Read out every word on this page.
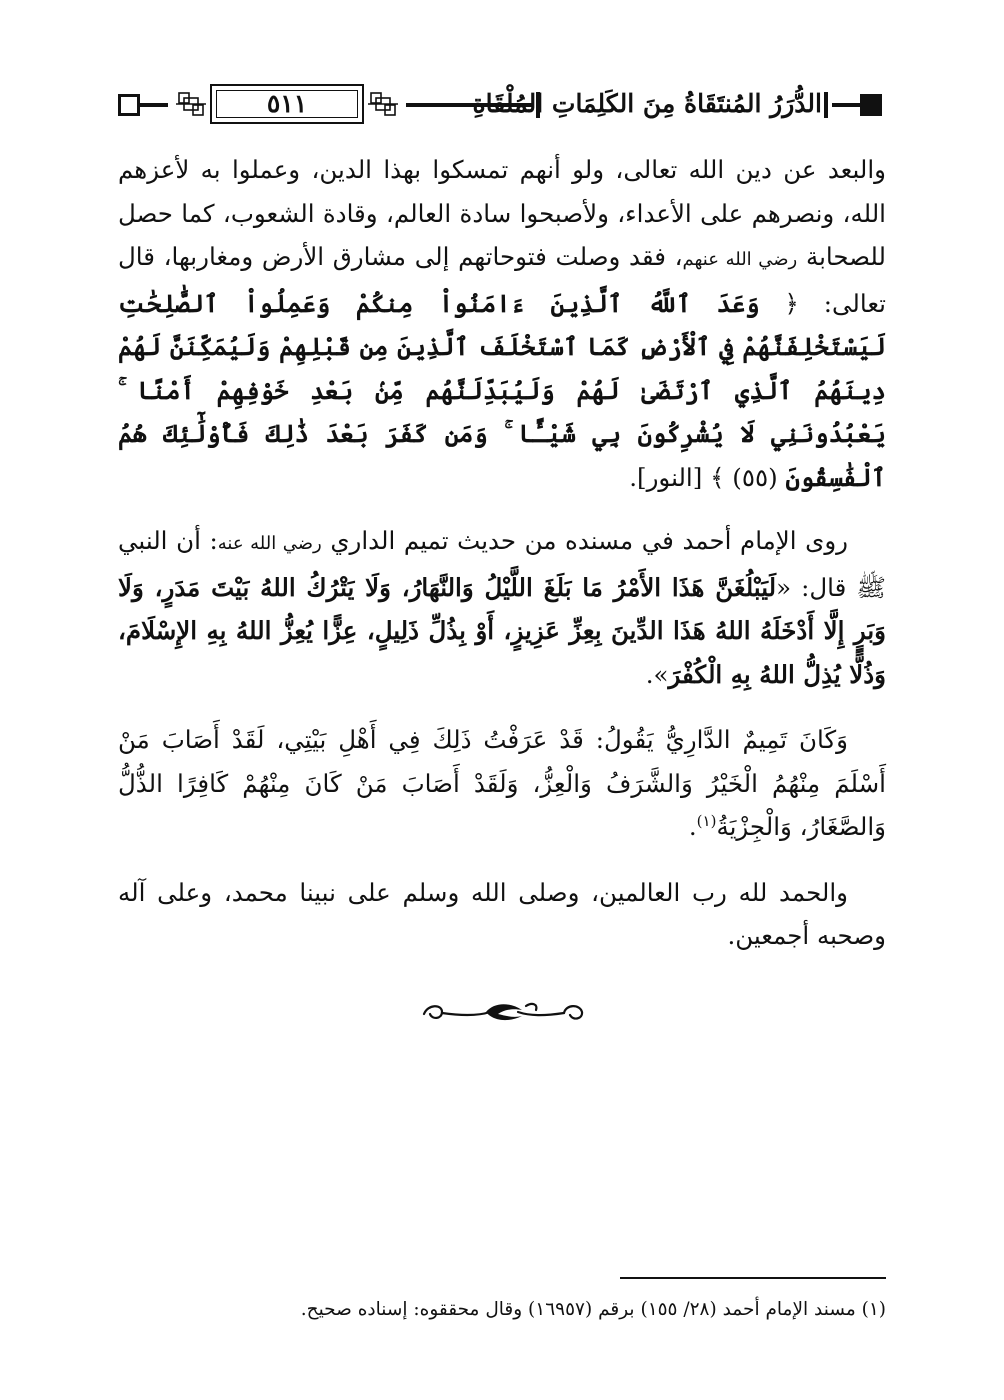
٥١١	الدُّرَرُ المُنتَقَاةُ مِنَ الكَلِمَاتِ المُلْقَاةِ

والبعد عن دين الله تعالى، ولو أنهم تمسكوا بهذا الدين، وعملوا به لأعزهم الله، ونصرهم على الأعداء، ولأصبحوا سادة العالم، وقادة الشعوب، كما حصل للصحابة رضي الله عنهم، فقد وصلت فتوحاتهم إلى مشارق الأرض ومغاربها، قال تعالى: ﴿ وَعَدَ ٱللَّهُ ٱلَّذِينَ ءَامَنُواْ مِنكُمْ وَعَمِلُواْ ٱلصَّٰلِحَٰتِ لَيَسْتَخْلِفَنَّهُمْ فِي ٱلْأَرْضِ كَمَا ٱسْتَخْلَفَ ٱلَّذِينَ مِن قَبْلِهِمْ وَلَيُمَكِّنَنَّ لَهُمْ دِينَهُمُ ٱلَّذِي ٱرْتَضَىٰ لَهُمْ وَلَيُبَدِّلَنَّهُم مِّنۢ بَعْدِ خَوْفِهِمْ أَمْنًا ۚ يَعْبُدُونَنِي لَا يُشْرِكُونَ بِي شَيْـًٔا ۚ وَمَن كَفَرَ بَعْدَ ذَٰلِكَ فَأُوْلَٰٓئِكَ هُمُ ٱلْفَٰسِقُونَ (٥٥) ﴾ [النور].

روى الإمام أحمد في مسنده من حديث تميم الداري رضي الله عنه: أن النبي ﷺ قال: «لَيَبْلُغَنَّ هَذَا الأَمْرُ مَا بَلَغَ اللَّيْلُ وَالنَّهَارُ، وَلَا يَتْرُكُ اللهُ بَيْتَ مَدَرٍ، وَلَا وَبَرٍ إِلَّا أَدْخَلَهُ اللهُ هَذَا الدِّينَ بِعِزِّ عَزِيزٍ، أَوْ بِذُلِّ ذَلِيلٍ، عِزًّا يُعِزُّ اللهُ بِهِ الإِسْلَامَ، وَذُلًّا يُذِلُّ اللهُ بِهِ الْكُفْرَ».

وَكَانَ تَمِيمٌ الدَّارِيُّ يَقُولُ: قَدْ عَرَفْتُ ذَلِكَ فِي أَهْلِ بَيْتِي، لَقَدْ أَصَابَ مَنْ أَسْلَمَ مِنْهُمُ الْخَيْرُ وَالشَّرَفُ وَالْعِزُّ، وَلَقَدْ أَصَابَ مَنْ كَانَ مِنْهُمْ كَافِرًا الذُّلُّ وَالصَّغَارُ، وَالْجِزْيَةُ$^{(١)}$.

والحمد لله رب العالمين، وصلى الله وسلم على نبينا محمد، وعلى آله وصحبه أجمعين.

(١) مسند الإمام أحمد (٢٨/ ١٥٥) برقم (١٦٩٥٧) وقال محققوه: إسناده صحيح.
